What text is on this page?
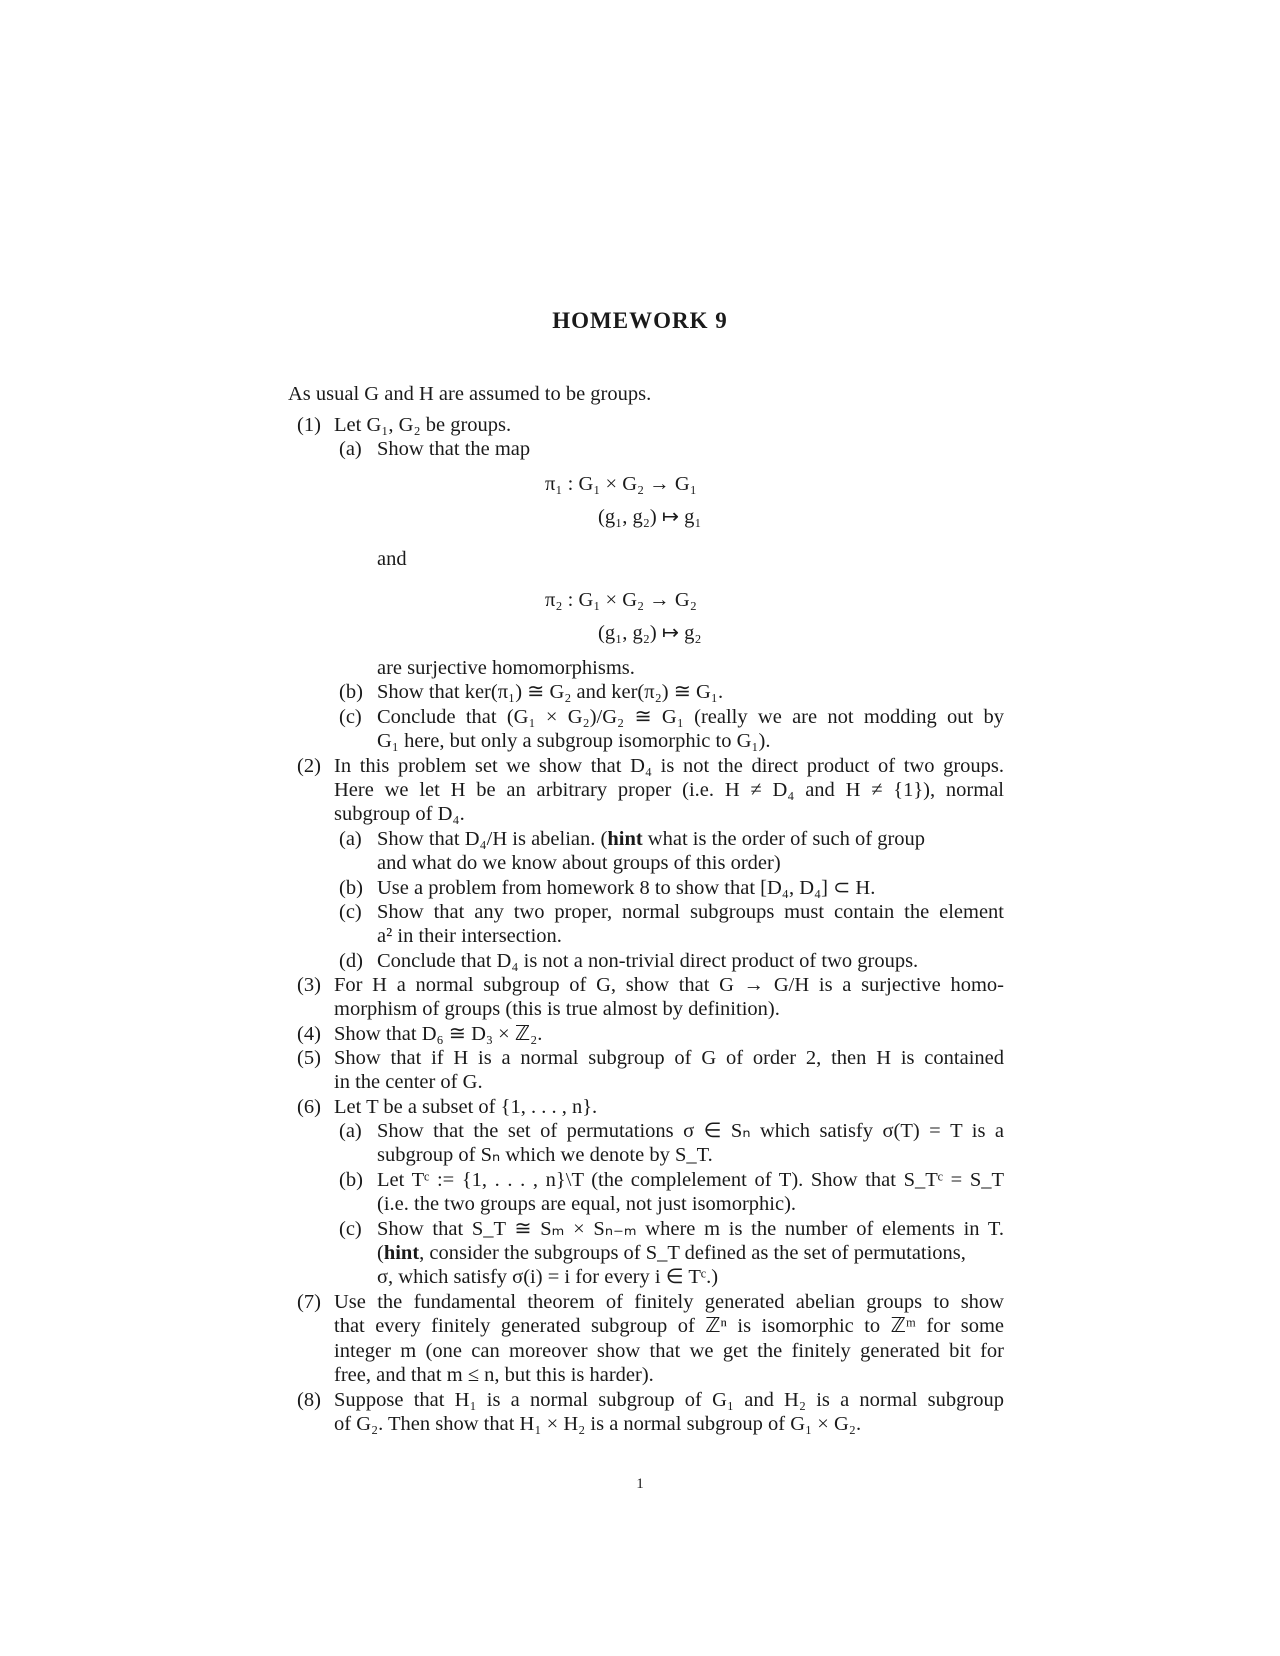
HOMEWORK 9
As usual G and H are assumed to be groups.
(1) Let G₁, G₂ be groups.
(a) Show that the map
π₁ : G₁ × G₂ → G₁
(g₁, g₂) ↦ g₁
and
π₂ : G₁ × G₂ → G₂
(g₁, g₂) ↦ g₂
are surjective homomorphisms.
(b) Show that ker(π₁) ≅ G₂ and ker(π₂) ≅ G₁.
(c) Conclude that (G₁ × G₂)/G₂ ≅ G₁ (really we are not modding out by
G₁ here, but only a subgroup isomorphic to G₁).
(2) In this problem set we show that D₄ is not the direct product of two groups.
Here we let H be an arbitrary proper (i.e. H ≠ D₄ and H ≠ {1}), normal
subgroup of D₄.
(a) Show that D₄/H is abelian. (hint what is the order of such of group
and what do we know about groups of this order)
(b) Use a problem from homework 8 to show that [D₄, D₄] ⊂ H.
(c) Show that any two proper, normal subgroups must contain the element
a² in their intersection.
(d) Conclude that D₄ is not a non-trivial direct product of two groups.
(3) For H a normal subgroup of G, show that G → G/H is a surjective homo-
morphism of groups (this is true almost by definition).
(4) Show that D₆ ≅ D₃ × ℤ₂.
(5) Show that if H is a normal subgroup of G of order 2, then H is contained
in the center of G.
(6) Let T be a subset of {1, . . . , n}.
(a) Show that the set of permutations σ ∈ Sₙ which satisfy σ(T) = T is a
subgroup of Sₙ which we denote by S_T.
(b) Let Tᶜ := {1, . . . , n}\T (the complelement of T). Show that S_Tᶜ = S_T
(i.e. the two groups are equal, not just isomorphic).
(c) Show that S_T ≅ Sₘ × Sₙ₋ₘ where m is the number of elements in T.
(hint, consider the subgroups of S_T defined as the set of permutations,
σ, which satisfy σ(i) = i for every i ∈ Tᶜ.)
(7) Use the fundamental theorem of finitely generated abelian groups to show
that every finitely generated subgroup of ℤⁿ is isomorphic to ℤᵐ for some
integer m (one can moreover show that we get the finitely generated bit for
free, and that m ≤ n, but this is harder).
(8) Suppose that H₁ is a normal subgroup of G₁ and H₂ is a normal subgroup
of G₂. Then show that H₁ × H₂ is a normal subgroup of G₁ × G₂.
1
